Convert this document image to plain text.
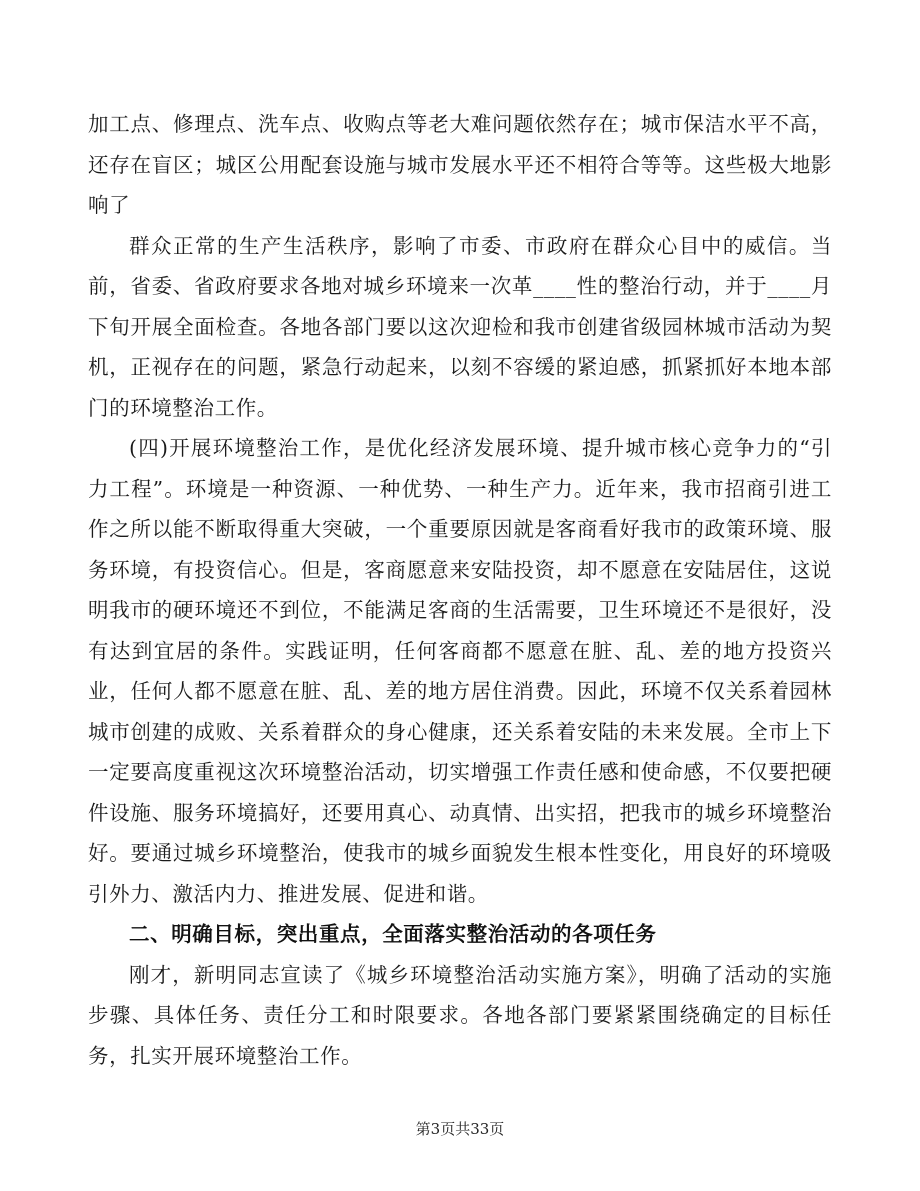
加工点、修理点、洗车点、收购点等老大难问题依然存在；城市保洁水平不高，还存在盲区；城区公用配套设施与城市发展水平还不相符合等等。这些极大地影响了

群众正常的生产生活秩序，影响了市委、市政府在群众心目中的威信。当前，省委、省政府要求各地对城乡环境来一次革____性的整治行动，并于____月下旬开展全面检查。各地各部门要以这次迎检和我市创建省级园林城市活动为契机，正视存在的问题，紧急行动起来，以刻不容缓的紧迫感，抓紧抓好本地本部门的环境整治工作。

(四)开展环境整治工作，是优化经济发展环境、提升城市核心竞争力的“引力工程”。环境是一种资源、一种优势、一种生产力。近年来，我市招商引进工作之所以能不断取得重大突破，一个重要原因就是客商看好我市的政策环境、服务环境，有投资信心。但是，客商愿意来安陆投资，却不愿意在安陆居住，这说明我市的硬环境还不到位，不能满足客商的生活需要，卫生环境还不是很好，没有达到宜居的条件。实践证明，任何客商都不愿意在脏、乱、差的地方投资兴业，任何人都不愿意在脏、乱、差的地方居住消费。因此，环境不仅关系着园林城市创建的成败、关系着群众的身心健康，还关系着安陆的未来发展。全市上下一定要高度重视这次环境整治活动，切实增强工作责任感和使命感，不仅要把硬件设施、服务环境搞好，还要用真心、动真情、出实招，把我市的城乡环境整治好。要通过城乡环境整治，使我市的城乡面貌发生根本性变化，用良好的环境吸引外力、激活内力、推进发展、促进和谐。

二、明确目标，突出重点，全面落实整治活动的各项任务

刚才，新明同志宣读了《城乡环境整治活动实施方案》，明确了活动的实施步骤、具体任务、责任分工和时限要求。各地各部门要紧紧围绕确定的目标任务，扎实开展环境整治工作。

第3页共33页
